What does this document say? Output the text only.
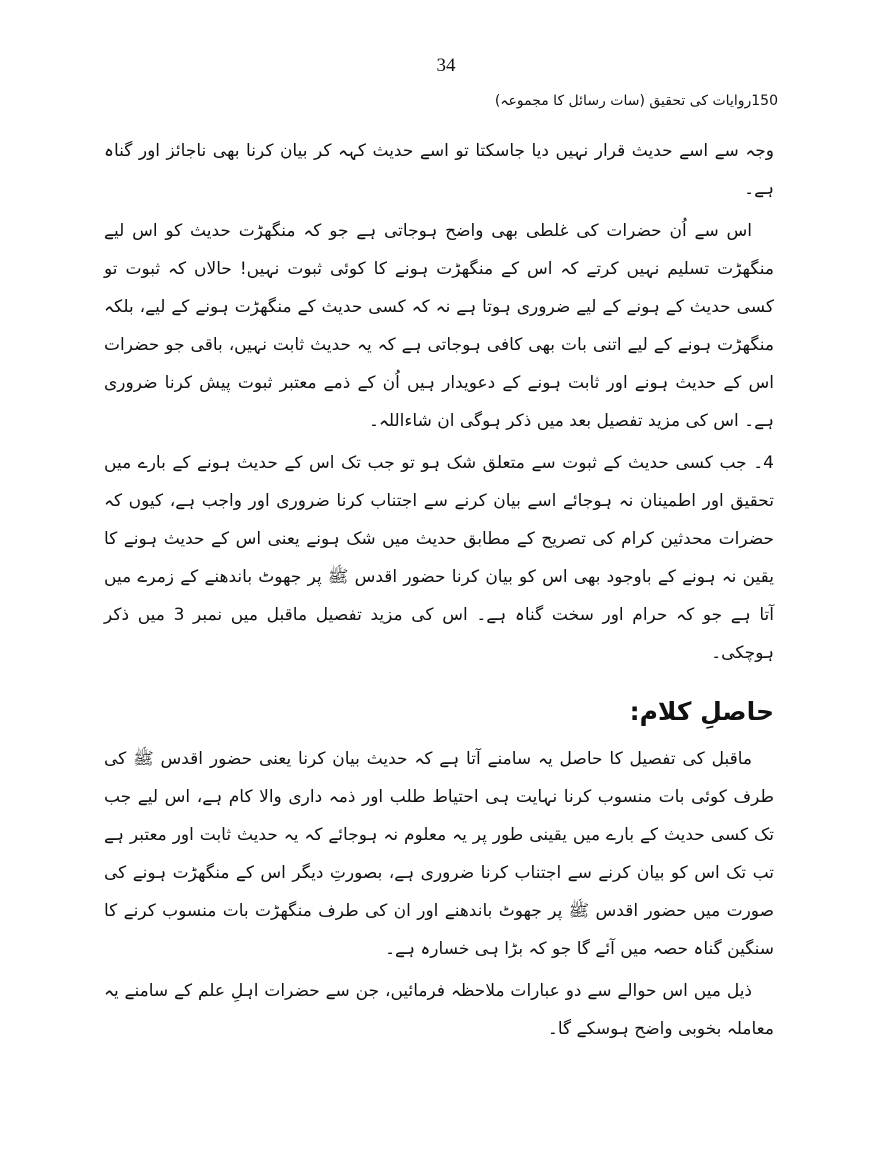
34
150روایات کی تحقیق (سات رسائل کا مجموعہ)

وجہ سے اسے حدیث قرار نہیں دیا جاسکتا تو اسے حدیث کہہ کر بیان کرنا بھی ناجائز اور گناہ ہے۔

اس سے اُن حضرات کی غلطی بھی واضح ہوجاتی ہے جو کہ منگھڑت حدیث کو اس لیے منگھڑت تسلیم نہیں کرتے کہ اس کے منگھڑت ہونے کا کوئی ثبوت نہیں! حالاں کہ ثبوت تو کسی حدیث کے ہونے کے لیے ضروری ہوتا ہے نہ کہ کسی حدیث کے منگھڑت ہونے کے لیے، بلکہ منگھڑت ہونے کے لیے اتنی بات بھی کافی ہوجاتی ہے کہ یہ حدیث ثابت نہیں، باقی جو حضرات اس کے حدیث ہونے اور ثابت ہونے کے دعویدار ہیں اُن کے ذمے معتبر ثبوت پیش کرنا ضروری ہے۔ اس کی مزید تفصیل بعد میں ذکر ہوگی ان شاءاللہ۔

4۔ جب کسی حدیث کے ثبوت سے متعلق شک ہو تو جب تک اس کے حدیث ہونے کے بارے میں تحقیق اور اطمینان نہ ہوجائے اسے بیان کرنے سے اجتناب کرنا ضروری اور واجب ہے، کیوں کہ حضرات محدثین کرام کی تصریح کے مطابق حدیث میں شک ہونے یعنی اس کے حدیث ہونے کا یقین نہ ہونے کے باوجود بھی اس کو بیان کرنا حضور اقدس ﷺ پر جھوٹ باندھنے کے زمرے میں آتا ہے جو کہ حرام اور سخت گناہ ہے۔ اس کی مزید تفصیل ماقبل میں نمبر 3 میں ذکر ہوچکی۔

حاصلِ کلام:

ماقبل کی تفصیل کا حاصل یہ سامنے آتا ہے کہ حدیث بیان کرنا یعنی حضور اقدس ﷺ کی طرف کوئی بات منسوب کرنا نہایت ہی احتیاط طلب اور ذمہ داری والا کام ہے، اس لیے جب تک کسی حدیث کے بارے میں یقینی طور پر یہ معلوم نہ ہوجائے کہ یہ حدیث ثابت اور معتبر ہے تب تک اس کو بیان کرنے سے اجتناب کرنا ضروری ہے، بصورتِ دیگر اس کے منگھڑت ہونے کی صورت میں حضور اقدس ﷺ پر جھوٹ باندھنے اور ان کی طرف منگھڑت بات منسوب کرنے کا سنگین گناہ حصہ میں آئے گا جو کہ بڑا ہی خسارہ ہے۔

ذیل میں اس حوالے سے دو عبارات ملاحظہ فرمائیں، جن سے حضرات اہلِ علم کے سامنے یہ معاملہ بخوبی واضح ہوسکے گا۔
